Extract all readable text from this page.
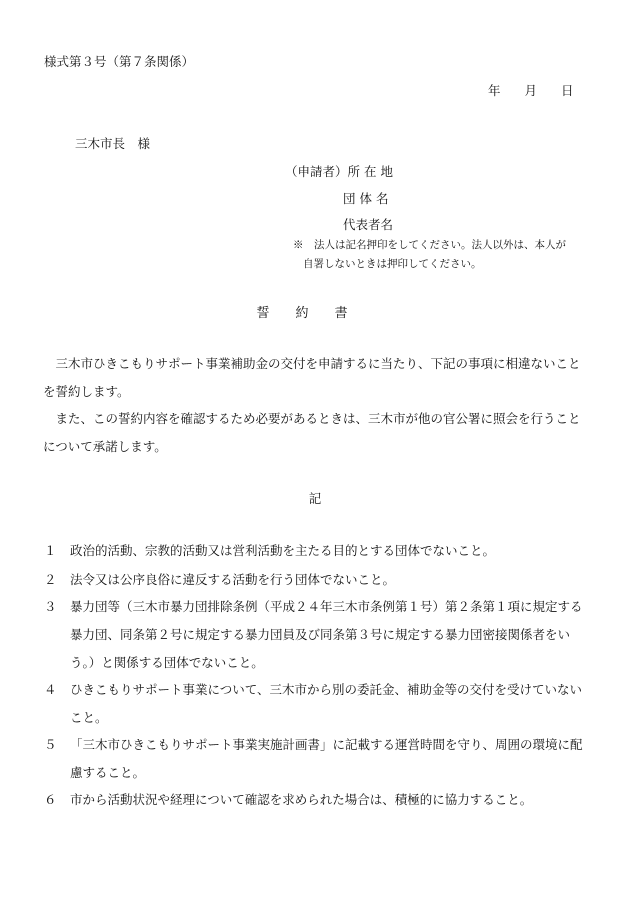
様式第３号（第７条関係）
年 月 日
三木市長　様
（申請者）所 在 地
団 体 名
代表者名
※　法人は記名押印をしてください。法人以外は、本人が
自署しないときは押印してください。
誓約書
三木市ひきこもりサポート事業補助金の交付を申請するに当たり、下記の事項に相違ないことを誓約します。
また、この誓約内容を確認するため必要があるときは、三木市が他の官公署に照会を行うことについて承諾します。
記
１	政治的活動、宗教的活動又は営利活動を主たる目的とする団体でないこと。
２	法令又は公序良俗に違反する活動を行う団体でないこと。
３	暴力団等（三木市暴力団排除条例（平成２４年三木市条例第１号）第２条第１項に規定する暴力団、同条第２号に規定する暴力団員及び同条第３号に規定する暴力団密接関係者をいう。）と関係する団体でないこと。
４	ひきこもりサポート事業について、三木市から別の委託金、補助金等の交付を受けていないこと。
５	「三木市ひきこもりサポート事業実施計画書」に記載する運営時間を守り、周囲の環境に配慮すること。
６	市から活動状況や経理について確認を求められた場合は、積極的に協力すること。
